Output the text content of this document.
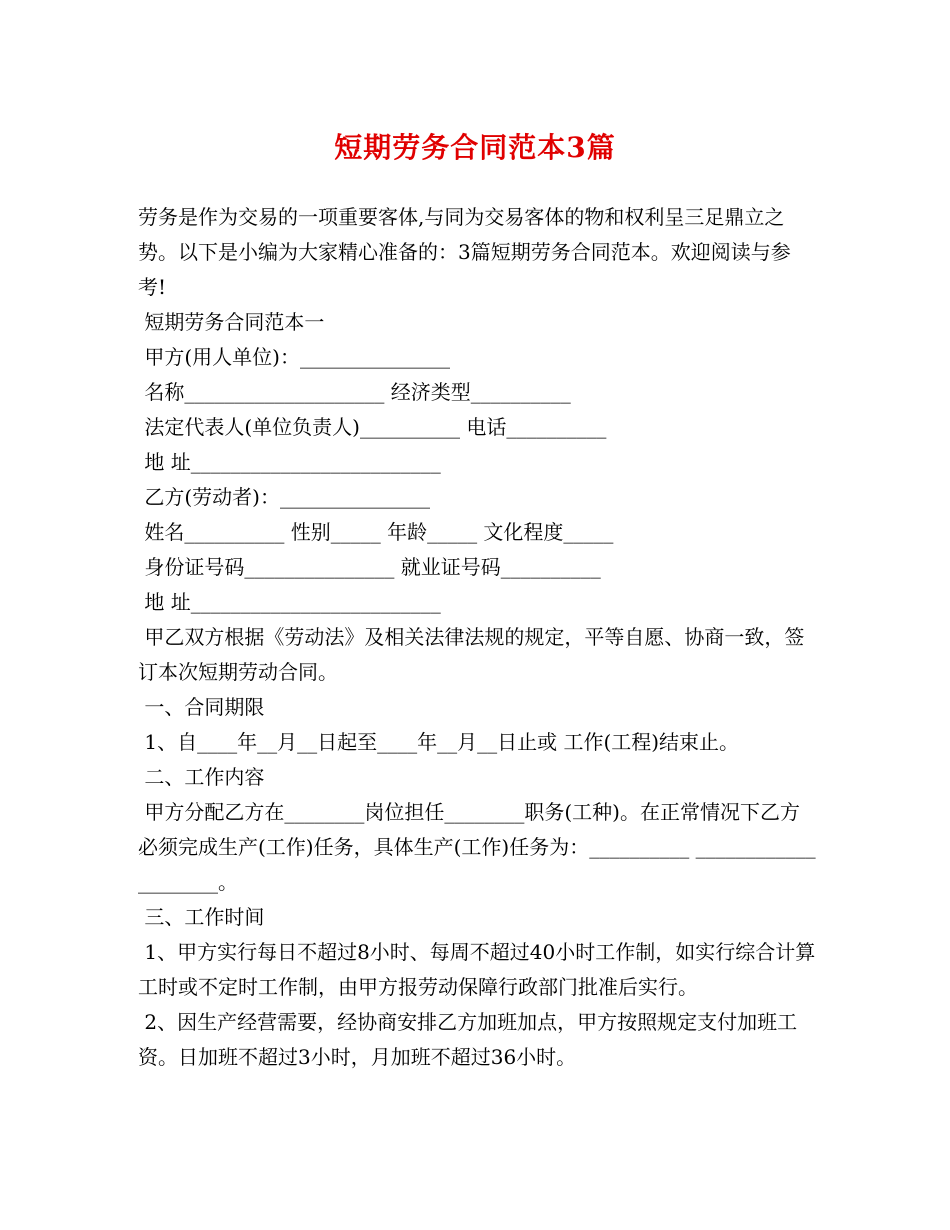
短期劳务合同范本3篇

劳务是作为交易的一项重要客体,与同为交易客体的物和权利呈三足鼎立之势。以下是小编为大家精心准备的：3篇短期劳务合同范本。欢迎阅读与参考!

短期劳务合同范本一

甲方(用人单位)：_______________

名称____________________ 经济类型__________

法定代表人(单位负责人)__________ 电话__________

地 址_________________________

乙方(劳动者)：_______________

姓名__________ 性别_____ 年龄_____ 文化程度_____

身份证号码_______________ 就业证号码__________

地 址_________________________

甲乙双方根据《劳动法》及相关法律法规的规定，平等自愿、协商一致，签订本次短期劳动合同。

一、合同期限

1、自____年__月__日起至____年__月__日止或 工作(工程)结束止。

二、工作内容

甲方分配乙方在________岗位担任________职务(工种)。在正常情况下乙方必须完成生产(工作)任务，具体生产(工作)任务为：__________ ____________________。

三、工作时间

1、甲方实行每日不超过8小时、每周不超过40小时工作制，如实行综合计算工时或不定时工作制，由甲方报劳动保障行政部门批准后实行。

2、因生产经营需要，经协商安排乙方加班加点，甲方按照规定支付加班工资。日加班不超过3小时，月加班不超过36小时。
